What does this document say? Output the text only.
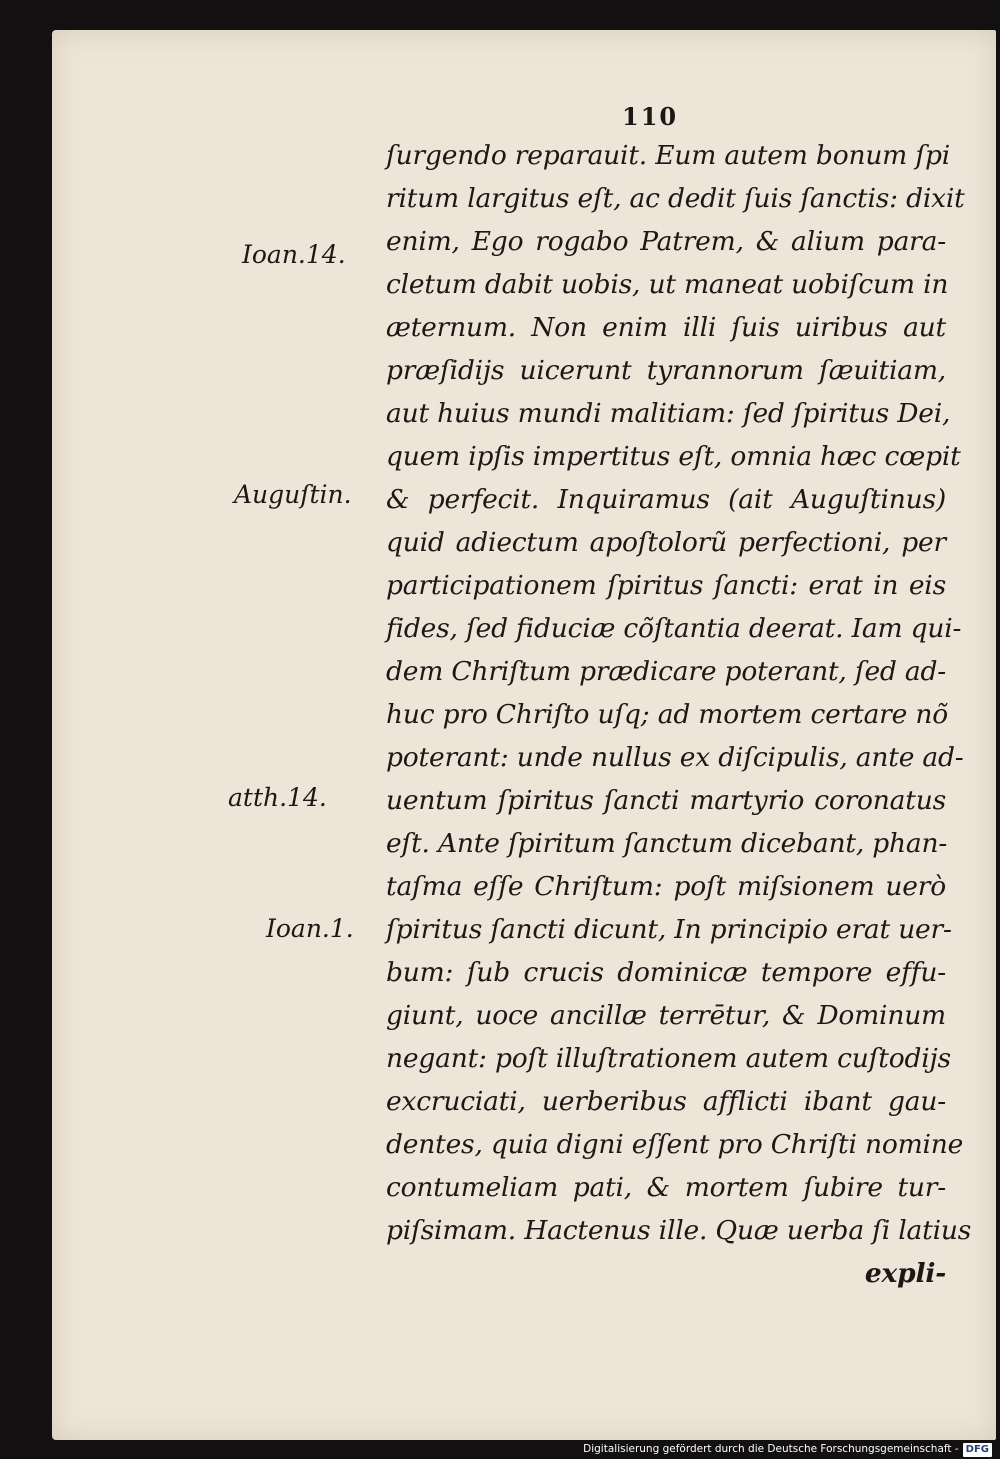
110
ſurgendo reparauit. Eum autem bonum ſpi
ritum largitus eſt, ac dedit ſuis ſanctis: dixit
enim, Ego rogabo Patrem, & alium para-
cletum dabit uobis, ut maneat uobiſcum in
æternum. Non enim illi ſuis uiribus aut
præſidijs uicerunt tyrannorum ſæuitiam,
aut huius mundi malitiam: ſed ſpiritus Dei,
quem ipſis impertitus eſt, omnia hæc cœpit
& perfecit. Inquiramus (ait Auguſtinus)
quid adiectum apoſtolorũ perfectioni, per
participationem ſpiritus ſancti: erat in eis
fides, ſed fiduciæ cõſtantia deerat. Iam qui-
dem Chriſtum prædicare poterant, ſed ad-
huc pro Chriſto uſq; ad mortem certare nõ
poterant: unde nullus ex diſcipulis, ante ad-
uentum ſpiritus ſancti martyrio coronatus
eſt. Ante ſpiritum ſanctum dicebant, phan-
taſma eſſe Chriſtum: poſt miſsionem uerò
ſpiritus ſancti dicunt, In principio erat uer-
bum: ſub crucis dominicæ tempore effu-
giunt, uoce ancillæ terrētur, & Dominum
negant: poſt illuſtrationem autem cuſtodijs
excruciati, uerberibus afflicti ibant gau-
dentes, quia digni eſſent pro Chriſti nomine
contumeliam pati, & mortem ſubire tur-
piſsimam. Hactenus ille. Quæ uerba ſi latius
expli-
Ioan.14.
Auguſtin.
atth.14.
Ioan.1.
Digitalisierung gefördert durch die Deutsche Forschungsgemeinschaft - DFG
